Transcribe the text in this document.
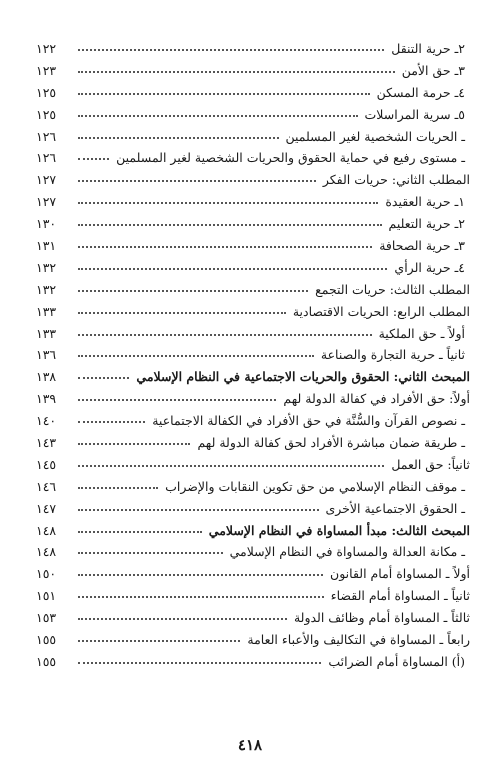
٢ـ حرية التنقل
١٢٢
٣ـ حق الأمن
١٢٣
٤ـ حرمة المسكن
١٢٥
٥ـ سرية المراسلات
١٢٥
ـ الحريات الشخصية لغير المسلمين
١٢٦
ـ مستوى رفيع في حماية الحقوق والحريات الشخصية لغير المسلمين
١٢٦
المطلب الثاني: حريات الفكر
١٢٧
١ـ حرية العقيدة
١٢٧
٢ـ حرية التعليم
١٣٠
٣ـ حرية الصحافة
١٣١
٤ـ حرية الرأي
١٣٢
المطلب الثالث: حريات التجمع
١٣٢
المطلب الرابع: الحريات الاقتصادية
١٣٣
أولاً ـ حق الملكية
١٣٣
ثانياً ـ حرية التجارة والصناعة
١٣٦
المبحث الثاني: الحقوق والحريات الاجتماعية في النظام الإسلامي
١٣٨
أولاً: حق الأفراد في كفالة الدولة لهم
١٣٩
ـ نصوص القرآن والسُّنَّة في حق الأفراد في الكفالة الاجتماعية
١٤٠
ـ طريقة ضمان مباشرة الأفراد لحق كفالة الدولة لهم
١٤٣
ثانياً: حق العمل
١٤٥
ـ موقف النظام الإسلامي من حق تكوين النقابات والإضراب
١٤٦
ـ الحقوق الاجتماعية الأخرى
١٤٧
المبحث الثالث: مبدأ المساواة في النظام الإسلامي
١٤٨
ـ مكانة العدالة والمساواة في النظام الإسلامي
١٤٨
أولاً ـ المساواة أمام القانون
١٥٠
ثانياً ـ المساواة أمام القضاء
١٥١
ثالثاً ـ المساواة أمام وظائف الدولة
١٥٣
رابعاً ـ المساواة في التكاليف والأعباء العامة
١٥٥
(أ) المساواة أمام الضرائب
١٥٥
٤١٨
